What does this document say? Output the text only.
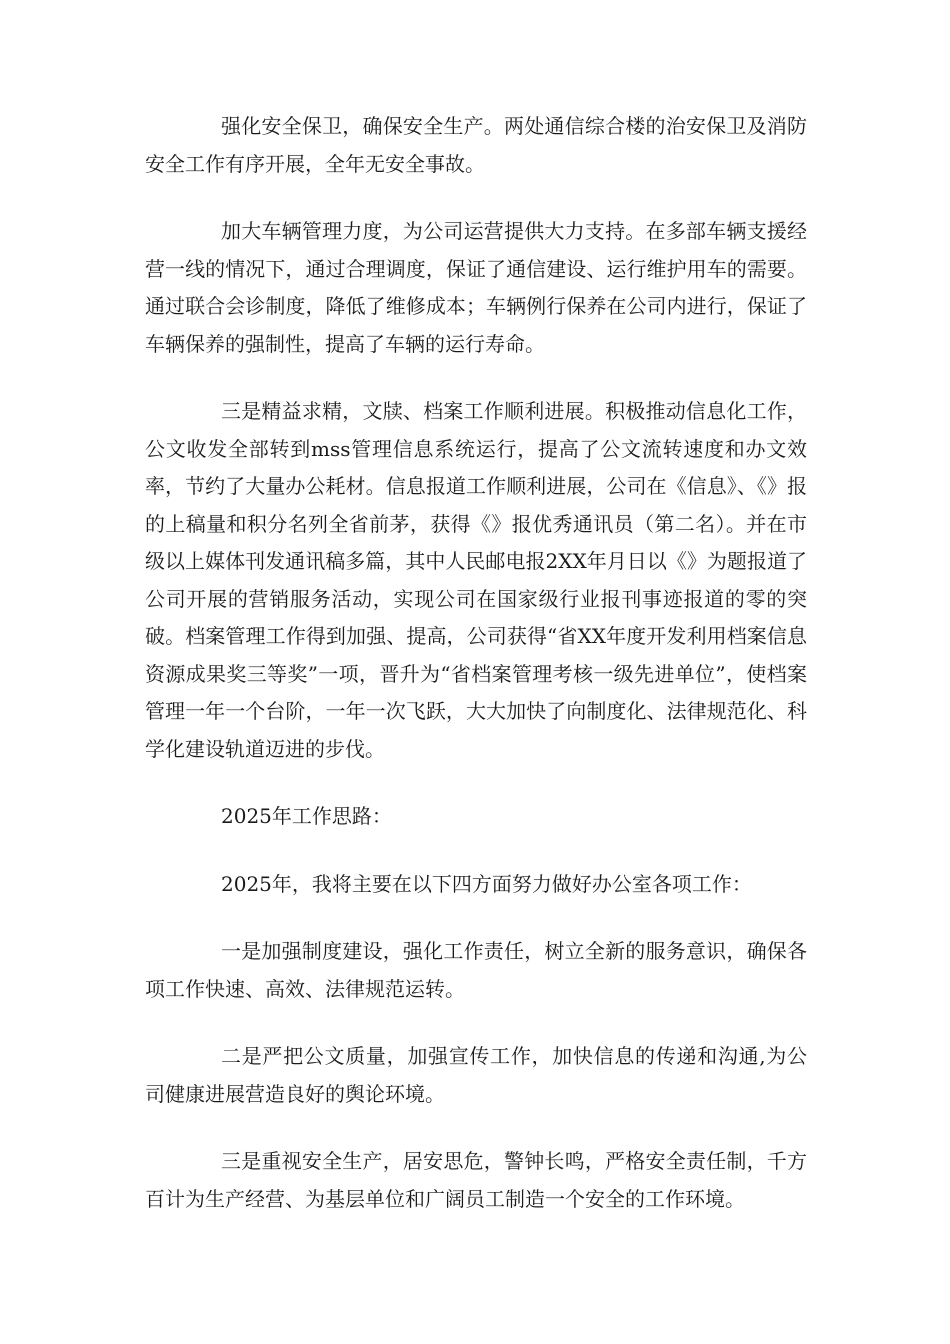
强化安全保卫，确保安全生产。两处通信综合楼的治安保卫及消防安全工作有序开展，全年无安全事故。

加大车辆管理力度，为公司运营提供大力支持。在多部车辆支援经营一线的情况下，通过合理调度，保证了通信建设、运行维护用车的需要。通过联合会诊制度，降低了维修成本；车辆例行保养在公司内进行，保证了车辆保养的强制性，提高了车辆的运行寿命。

三是精益求精，文牍、档案工作顺利进展。积极推动信息化工作，公文收发全部转到mss管理信息系统运行，提高了公文流转速度和办文效率，节约了大量办公耗材。信息报道工作顺利进展，公司在《信息》、《》报的上稿量和积分名列全省前茅，获得《》报优秀通讯员（第二名）。并在市级以上媒体刊发通讯稿多篇，其中人民邮电报2XX年月日以《》为题报道了公司开展的营销服务活动，实现公司在国家级行业报刊事迹报道的零的突破。档案管理工作得到加强、提高，公司获得“省XX年度开发利用档案信息资源成果奖三等奖”一项，晋升为“省档案管理考核一级先进单位”，使档案管理一年一个台阶，一年一次飞跃，大大加快了向制度化、法律规范化、科学化建设轨道迈进的步伐。

2025年工作思路：

2025年，我将主要在以下四方面努力做好办公室各项工作：

一是加强制度建设，强化工作责任，树立全新的服务意识，确保各项工作快速、高效、法律规范运转。

二是严把公文质量，加强宣传工作，加快信息的传递和沟通,为公司健康进展营造良好的舆论环境。

三是重视安全生产，居安思危，警钟长鸣，严格安全责任制，千方百计为生产经营、为基层单位和广阔员工制造一个安全的工作环境。
